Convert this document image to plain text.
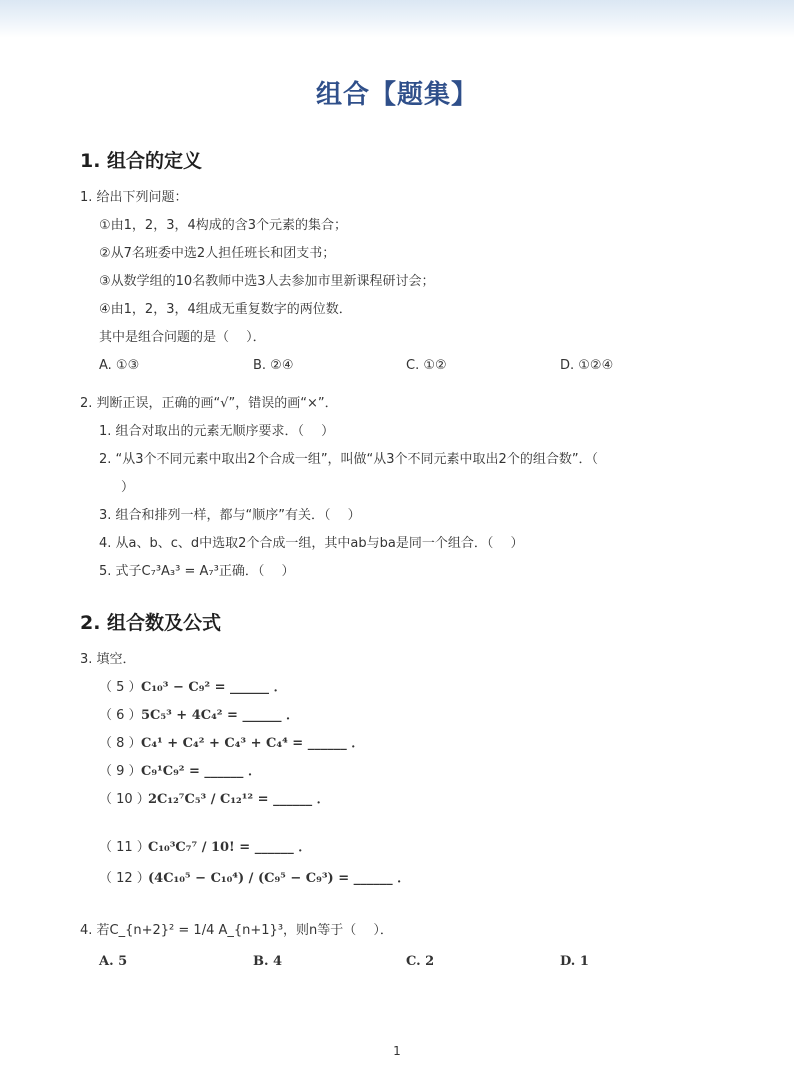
组合【题集】
1. 组合的定义
1. 给出下列问题：
①由1，2，3，4构成的含3个元素的集合；
②从7名班委中选2人担任班长和团支书；
③从数学组的10名教师中选3人去参加市里新课程研讨会；
④由1，2，3，4组成无重复数字的两位数．
其中是组合问题的是（　 ）．
A. ①③	B. ②④	C. ①②	D. ①②④
2. 判断正误，正确的画“√”，错误的画“×”．
1. 组合对取出的元素无顺序要求．（　 ）
2. “从3个不同元素中取出2个合成一组”，叫做“从3个不同元素中取出2个的组合数”．（
）
3. 组合和排列一样，都与“顺序”有关．（　 ）
4. 从a、b、c、d中选取2个合成一组，其中ab与ba是同一个组合．（　 ）
5. 式子C₇³A₃³ = A₇³正确．（　 ）
2. 组合数及公式
3. 填空．
（ 5 ） C₁₀³ − C₉² = ______ ．
（ 6 ） 5C₅³ + 4C₄² = ______ ．
（ 8 ） C₄¹ + C₄² + C₄³ + C₄⁴ = ______ ．
（ 9 ） C₉¹C₉² = ______ ．
（ 10 ）
2C₁₂⁷C₅³ / C₁₂¹² = ______ ．
（ 11 ）
C₁₀³C₇⁷ / 10! = ______ ．
（ 12 ）
(4C₁₀⁵ − C₁₀⁴) / (C₉⁵ − C₉³) = ______ ．
4. 若C_{n+2}² = 1/4 A_{n+1}³，则n等于（　 ）．
A. 5	B. 4	C. 2	D. 1
1
